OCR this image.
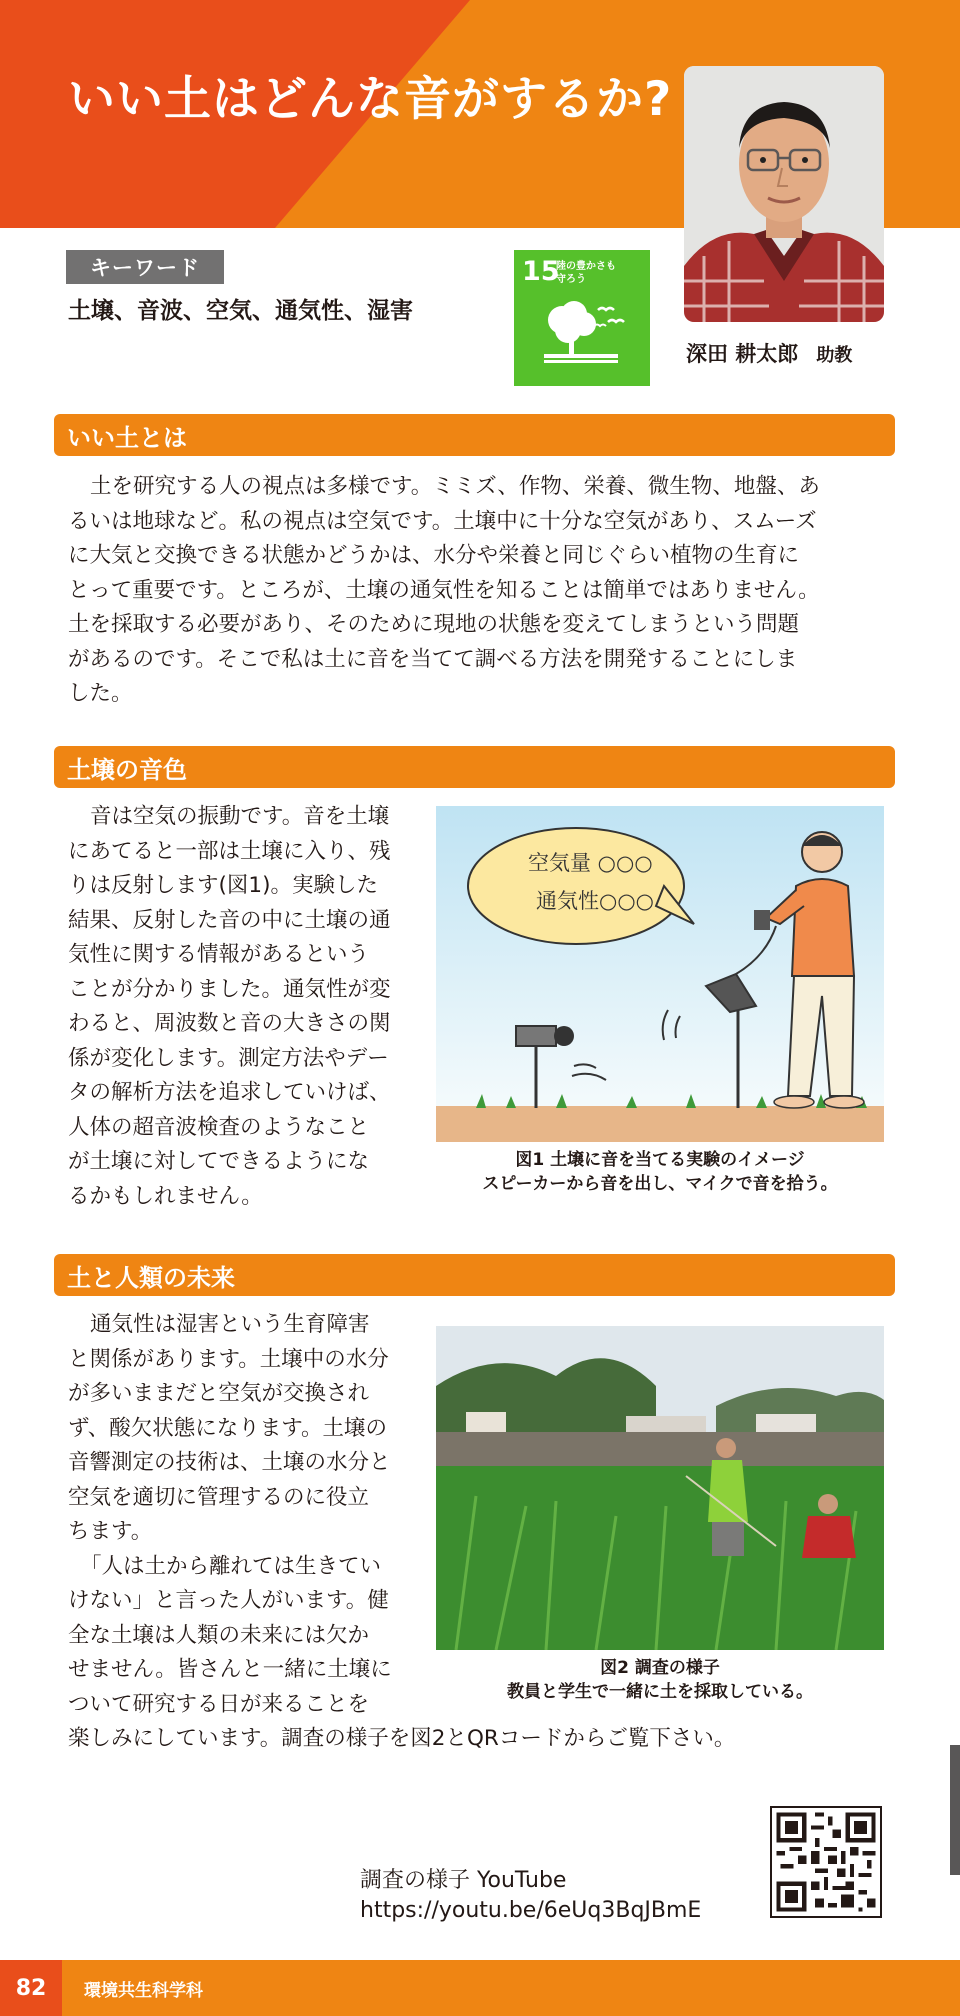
いい土はどんな音がするか?
深田 耕太郎 助教
キーワード
土壌、音波、空気、通気性、湿害
15
陸の豊かさも
守ろう
いい土とは
土を研究する人の視点は多様です。ミミズ、作物、栄養、微生物、地盤、あ
るいは地球など。私の視点は空気です。土壌中に十分な空気があり、スムーズ
に大気と交換できる状態かどうかは、水分や栄養と同じぐらい植物の生育に
とって重要です。ところが、土壌の通気性を知ることは簡単ではありません。
土を採取する必要があり、そのために現地の状態を変えてしまうという問題
があるのです。そこで私は土に音を当てて調べる方法を開発することにしま
した。
土壌の音色
音は空気の振動です。音を土壌
にあてると一部は土壌に入り、残
りは反射します(図1)。実験した
結果、反射した音の中に土壌の通
気性に関する情報があるという
ことが分かりました。通気性が変
わると、周波数と音の大きさの関
係が変化します。測定方法やデー
タの解析方法を追求していけば、
人体の超音波検査のようなこと
が土壌に対してできるようにな
るかもしれません。
空気量 ○○○
通気性○○○
図1 土壌に音を当てる実験のイメージ
スピーカーから音を出し、マイクで音を拾う。
土と人類の未来
通気性は湿害という生育障害
と関係があります。土壌中の水分
が多いままだと空気が交換され
ず、酸欠状態になります。土壌の
音響測定の技術は、土壌の水分と
空気を適切に管理するのに役立
ちます。
「人は土から離れては生きてい
けない」と言った人がいます。健
全な土壌は人類の未来には欠か
せません。皆さんと一緒に土壌に
ついて研究する日が来ることを
楽しみにしています。調査の様子を図2とQRコードからご覧下さい。
図2 調査の様子
教員と学生で一緒に土を採取している。
調査の様子 YouTube
https://youtu.be/6eUq3BqJBmE
82	環境共生科学科
